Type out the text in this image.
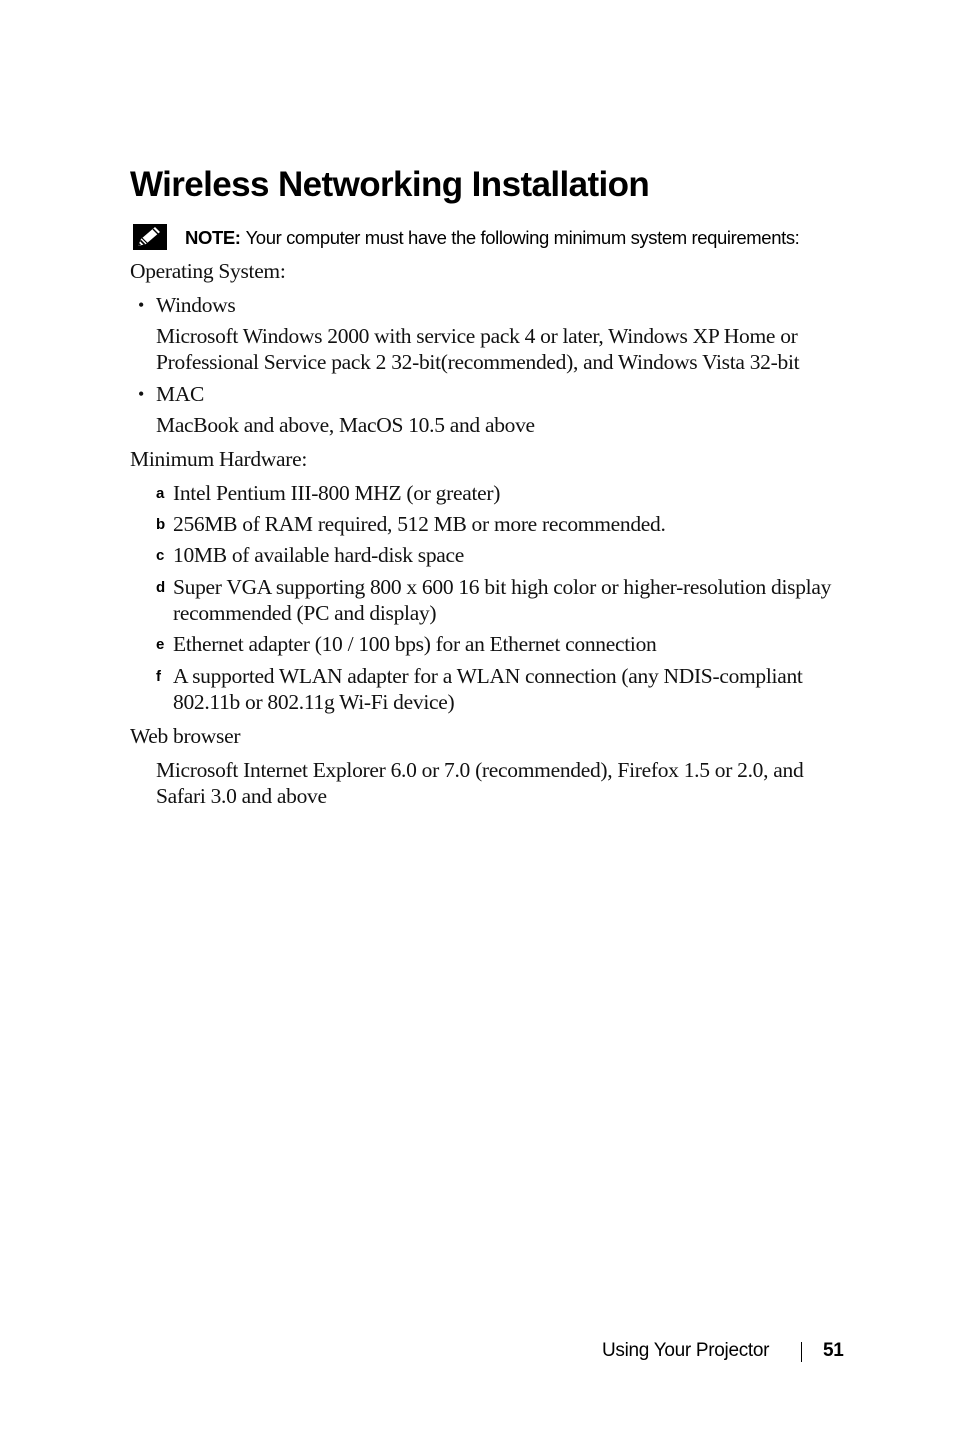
Wireless Networking Installation
NOTE: Your computer must have the following minimum system requirements:
Operating System:
• Windows

Microsoft Windows 2000 with service pack 4 or later, Windows XP Home or

Professional Service pack 2 32-bit(recommended), and Windows Vista 32-bit

• MAC
MacBook and above, MacOS 10.5 and above
Minimum Hardware:
a Intel Pentium III-800 MHZ (or greater)

b 256MB of RAM required, 512 MB or more recommended.

c 10MB of available hard-disk space

d Super VGA supporting 800 x 600 16 bit high color or higher-resolution display

recommended (PC and display)

e Ethernet adapter (10 / 100 bps) for an Ethernet connection

f A supported WLAN adapter for a WLAN connection (any NDIS-compliant

802.11b or 802.11g Wi-Fi device)

Web browser

Microsoft Internet Explorer 6.0 or 7.0 (recommended), Firefox 1.5 or 2.0, and

Safari 3.0 and above

Using Your Projector	51
